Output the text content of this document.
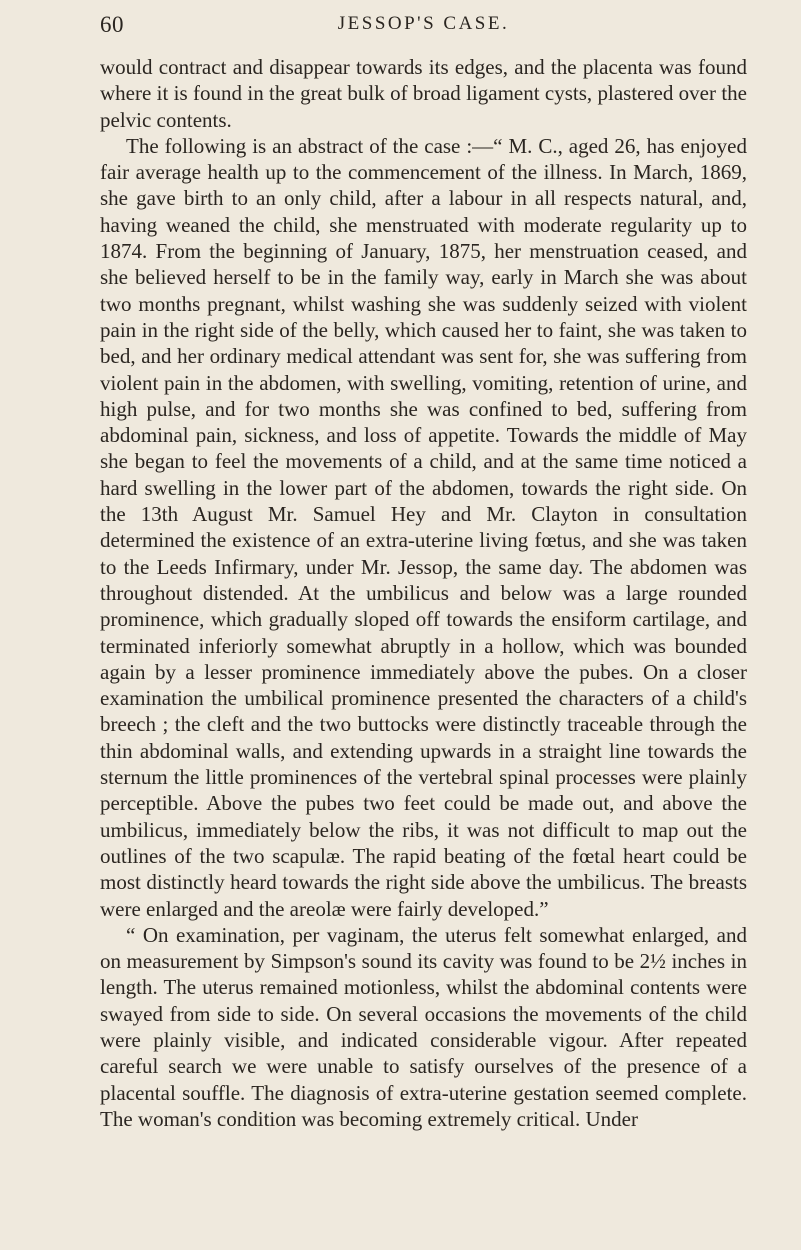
60	JESSOP'S CASE.

would contract and disappear towards its edges, and the placenta was found where it is found in the great bulk of broad ligament cysts, plastered over the pelvic contents.

The following is an abstract of the case :—“ M. C., aged 26, has enjoyed fair average health up to the commencement of the illness. In March, 1869, she gave birth to an only child, after a labour in all respects natural, and, having weaned the child, she menstruated with moderate regularity up to 1874. From the beginning of January, 1875, her menstruation ceased, and she believed herself to be in the family way, early in March she was about two months pregnant, whilst washing she was suddenly seized with violent pain in the right side of the belly, which caused her to faint, she was taken to bed, and her ordinary medical attendant was sent for, she was suffering from violent pain in the abdomen, with swelling, vomiting, retention of urine, and high pulse, and for two months she was confined to bed, suffering from abdominal pain, sickness, and loss of appetite. Towards the middle of May she began to feel the movements of a child, and at the same time noticed a hard swelling in the lower part of the abdomen, towards the right side. On the 13th August Mr. Samuel Hey and Mr. Clayton in consultation determined the existence of an extra-uterine living fœtus, and she was taken to the Leeds Infirmary, under Mr. Jessop, the same day. The abdomen was throughout distended. At the umbilicus and below was a large rounded prominence, which gradually sloped off towards the ensiform cartilage, and terminated inferiorly somewhat abruptly in a hollow, which was bounded again by a lesser prominence immediately above the pubes. On a closer examination the umbilical prominence presented the characters of a child's breech ; the cleft and the two buttocks were distinctly traceable through the thin abdominal walls, and extending upwards in a straight line towards the sternum the little prominences of the vertebral spinal processes were plainly perceptible. Above the pubes two feet could be made out, and above the umbilicus, immediately below the ribs, it was not difficult to map out the outlines of the two scapulæ. The rapid beating of the fœtal heart could be most distinctly heard towards the right side above the umbilicus. The breasts were enlarged and the areolæ were fairly developed.”

“ On examination, per vaginam, the uterus felt somewhat enlarged, and on measurement by Simpson's sound its cavity was found to be 2½ inches in length. The uterus remained motionless, whilst the abdominal contents were swayed from side to side. On several occasions the movements of the child were plainly visible, and indicated considerable vigour. After repeated careful search we were unable to satisfy ourselves of the presence of a placental souffle. The diagnosis of extra-uterine gestation seemed complete. The woman's condition was becoming extremely critical. Under
